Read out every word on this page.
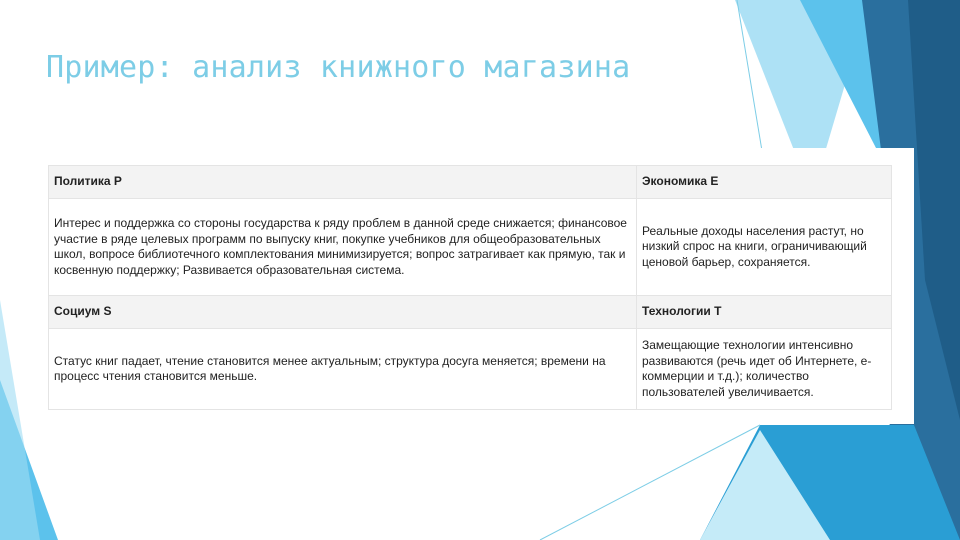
Пример: анализ книжного магазина
Политика P	Экономика E
Интерес и поддержка со стороны государства к ряду проблем в данной среде снижается; финансовое участие в ряде целевых программ по выпуску книг, покупке учебников для общеобразовательных школ, вопросе библиотечного комплектования минимизируется; вопрос затрагивает как прямую, так и косвенную поддержку; Развивается образовательная система.	Реальные доходы населения растут, но низкий спрос на книги, ограничивающий ценовой барьер, сохраняется.
Социум S	Технологии T
Статус книг падает, чтение становится менее актуальным; структура досуга меняется; времени на процесс чтения становится меньше.	Замещающие технологии интенсивно развиваются (речь идет об Интернете, е-коммерции и т.д.); количество пользователей увеличивается.
